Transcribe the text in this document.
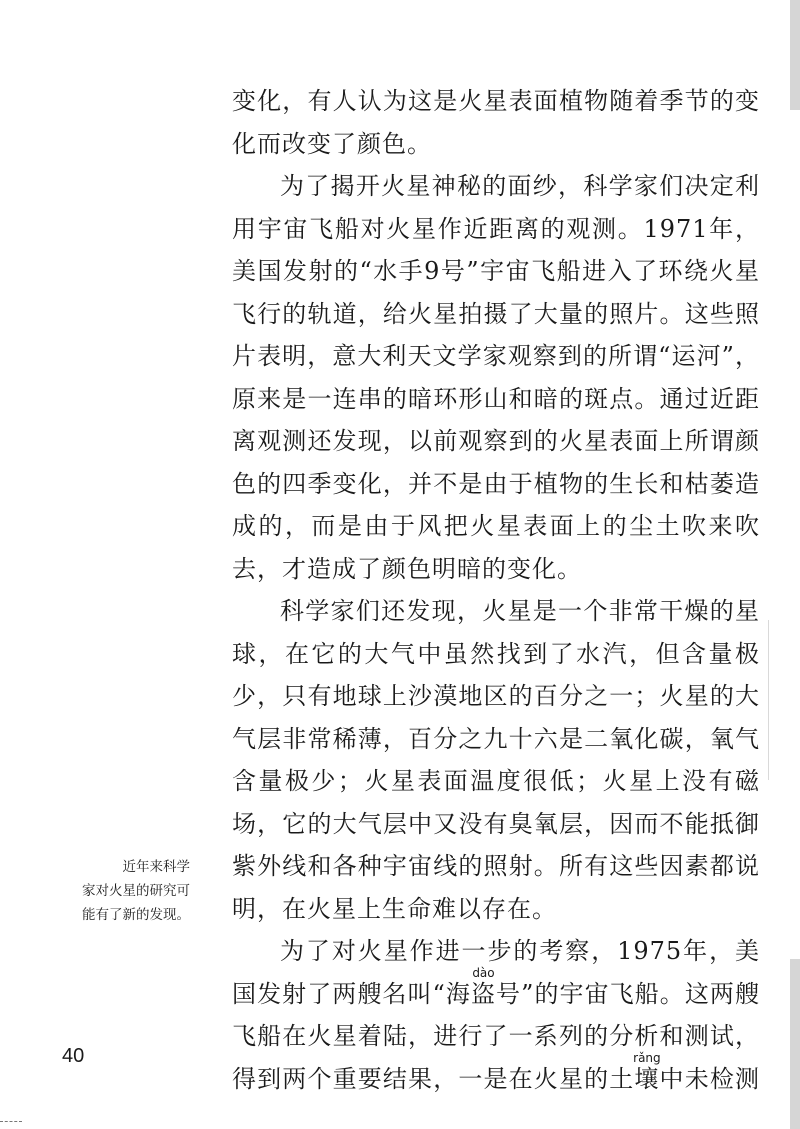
变化，有人认为这是火星表面植物随着季节的变化而改变了颜色。

为了揭开火星神秘的面纱，科学家们决定利用宇宙飞船对火星作近距离的观测。1971年，美国发射的“水手9号”宇宙飞船进入了环绕火星飞行的轨道，给火星拍摄了大量的照片。这些照片表明，意大利天文学家观察到的所谓“运河”，原来是一连串的暗环形山和暗的斑点。通过近距离观测还发现，以前观察到的火星表面上所谓颜色的四季变化，并不是由于植物的生长和枯萎造成的，而是由于风把火星表面上的尘土吹来吹去，才造成了颜色明暗的变化。

科学家们还发现，火星是一个非常干燥的星球，在它的大气中虽然找到了水汽，但含量极少，只有地球上沙漠地区的百分之一；火星的大气层非常稀薄，百分之九十六是二氧化碳，氧气含量极少；火星表面温度很低；火星上没有磁场，它的大气层中又没有臭氧层，因而不能抵御紫外线和各种宇宙线的照射。所有这些因素都说明，在火星上生命难以存在。

为了对火星作进一步的考察，1975年，美国发射了两艘名叫“海盗dào号”的宇宙飞船。这两艘飞船在火星着陆，进行了一系列的分析和测试，得到两个重要结果，一是在火星的土壤rǎng中未检测

近年来科学
家对火星的研究可
能有了新的发现。
40
